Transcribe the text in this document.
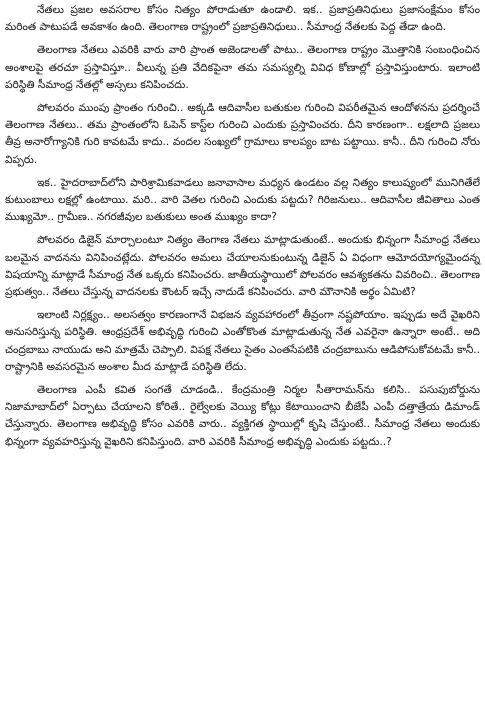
నేతలు ప్రజల అవసరాల కోసం నిత్యం పోరాడుతూ ఉండాలి. ఇక.. ప్రజాప్రతినిధులు ప్రజాసంక్షేమం కోసం మరింత పాటుపడే అవకాశం ఉంది. తెలంగాణ రాష్ట్రంలో ప్రజాప్రతినిధులు.. సీమాంధ్ర నేతలకు పెద్ద తేడా ఉంది.

తెలంగాణ నేతలు ఎవరికి వారు వారి ప్రాంత అజెండాలతో పాటు.. తెలంగాణ రాష్ట్రం మొత్తానికి సంబంధించిన అంశాలపై తరచూ ప్రస్తావిస్తూ.. వీలున్న ప్రతి వేదికపైనా తమ సమస్యల్ని వివిధ కోణాల్లో ప్రస్తావిస్తుంటారు. ఇలాంటి పరిస్థితి సీమాంధ్ర నేతల్లో అస్సలు కనిపించదు.

పోలవరం ముంపు ప్రాంతం గురించి.. అక్కడి ఆదివాసీల బతుకుల గురించి విపరీతమైన ఆందోళనను ప్రదర్శించే తెలంగాణ నేతలు.. తమ ప్రాంతంలోని ఓపెన్ కాస్ట్‌ల గురించి ఎందుకు ప్రస్తావించరు. దీని కారణంగా.. లక్షలాది ప్రజలు తీవ్ర అనారోగ్యానికి గురి కావటమే కాదు.. వందల సంఖ్యలో గ్రామాలు కాలప్యం బాట పట్టాయి. కానీ.. దీని గురించి నోరు విప్పరు.

ఇక.. హైదరాబాద్‌లోని పారిశ్రామికవాడలు జనావాసాల మధ్యన ఉండటం వల్ల నిత్యం కాలుష్యంలో మునిగితేలే కుటుంబాలు లక్షల్లో ఉంటాయి. మరి.. వారి వెతల గురించి ఎందుకు పట్టదు? గిరిజనులు.. ఆదివాసీల జీవితాలు ఎంత ముఖ్యమో.. గ్రామీణ.. నగరజీవుల బతుకులు అంత ముఖ్యం కాదా?

పోలవరం డిజైన్ మార్చాలంటూ నిత్యం తెంగాణ నేతలు మాట్లాడుతుంటే.. అందుకు భిన్నంగా సీమాంధ్ర నేతలు బలమైన వాదనను వినిపించట్లేదు. పోలవరం అమలు చేయాలనుకుంటున్న డిజైన్ ఏ విధంగా ఆమోదయోగ్యమైందన్న విషయాన్ని మాట్లాడే సీమాంధ్ర నేత ఒక్కరు కనిపించరు. జాతీయస్థాయిలో పోలవరం ఆవశ్యకతను వివరించి.. తెలంగాణ ప్రభుత్వం.. నేతలు చేస్తున్న వాదనలకు కౌంటర్ ఇచ్చే నాదుడే కనిపించరు. వారి మౌనానికి అర్థం ఏమిటి?

ఇలాంటి నిర్లక్ష్యం.. అలసత్వం కారణంగానే విభజన వ్యవహారంలో తీవ్రంగా నష్టపోయాం. ఇప్పుడు అదే వైఖరిని అనుసరిస్తున్న పరిస్థితి. ఆంధ్రప్రదేశ్ అభివృద్ధి గురించి ఎంతోకొంత మాట్లాడుతున్న నేత ఎవరైనా ఉన్నారా అంటే.. అది చంద్రబాబు నాయుడు అని మాత్రమే చెప్పాలి. విపక్ష నేతలు సైతం ఎంతసేపటికి చంద్రబాబును ఆడిపోసుకోవటమే కానీ.. రాష్ట్రానికి అవసరమైన అంశాల మీద మాట్లాడే పరిస్థితి లేదు.

తెలంగాణ ఎంపీ కవిత సంగతే చూడండి.. కేంద్రమంత్రి నిర్మల సీతారామన్‌ను కలిసి.. పసుపుబోర్డును నిజామాబాద్‌లో ఏర్పాటు చేయాలని కోరితే.. రైల్వేలకు వెయ్యి కోట్లు కేటాయించాని బీజేపీ ఎంపీ దత్తాత్రేయ డిమాండ్ చేస్తున్నారు. తెలంగాణ అభివృద్ధి కోసం ఎవరికి వారు.. వ్యక్తిగత స్థాయిల్లో కృషి చేస్తుంటే.. సీమాంధ్ర నేతలు అందుకు భిన్నంగా వ్యవహరిస్తున్న వైఖరిని కనిపిస్తుంది. వారి ఎవరికి సీమాంధ్ర అభివృద్ధి ఎందుకు పట్టదు..?
